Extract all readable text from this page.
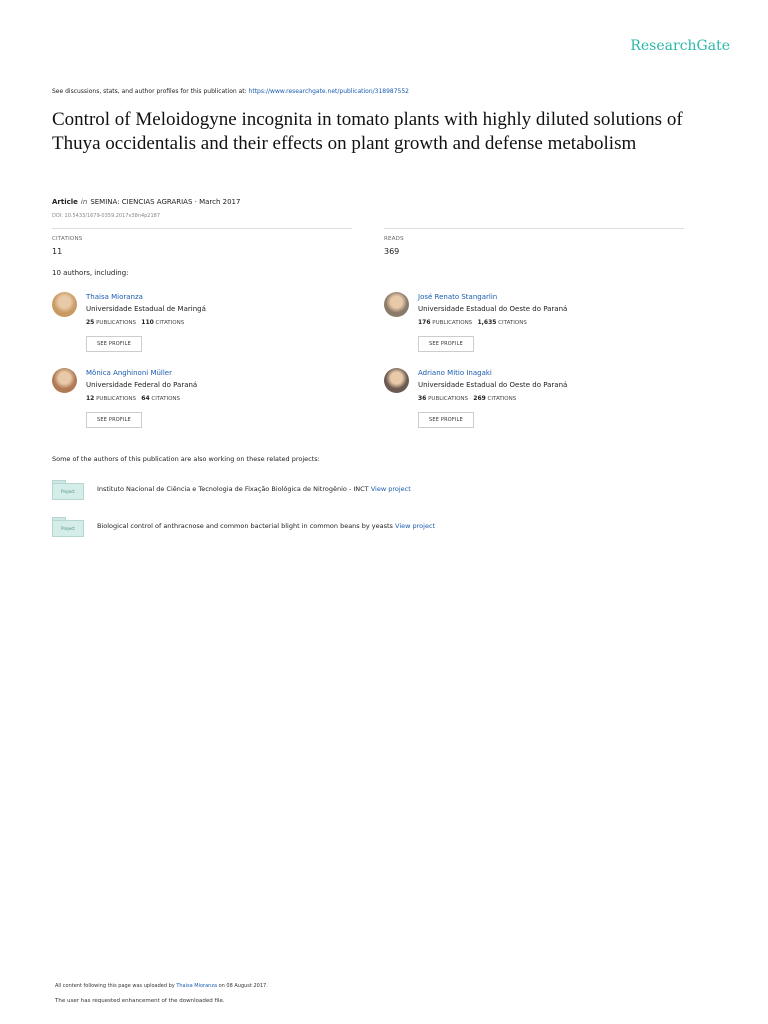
ResearchGate
See discussions, stats, and author profiles for this publication at: https://www.researchgate.net/publication/318987552
Control of Meloidogyne incognita in tomato plants with highly diluted solutions of Thuya occidentalis and their effects on plant growth and defense metabolism
Article in SEMINA: CIENCIAS AGRARIAS · March 2017
DOI: 10.5433/1679-0359.2017v38n4p2187
CITATIONS
11
READS
369
10 authors, including:
Thaisa Mioranza
Universidade Estadual de Maringá
25 PUBLICATIONS 110 CITATIONS
SEE PROFILE
José Renato Stangarlin
Universidade Estadual do Oeste do Paraná
176 PUBLICATIONS 1,635 CITATIONS
SEE PROFILE
Mônica Anghinoni Müller
Universidade Federal do Paraná
12 PUBLICATIONS 64 CITATIONS
SEE PROFILE
Adriano Mitio Inagaki
Universidade Estadual do Oeste do Paraná
36 PUBLICATIONS 269 CITATIONS
SEE PROFILE
Some of the authors of this publication are also working on these related projects:
Project	Instituto Nacional de Ciência e Tecnologia de Fixação Biológica de Nitrogênio - INCT View project
Project	Biological control of anthracnose and common bacterial blight in common beans by yeasts View project
All content following this page was uploaded by Thaisa Mioranza on 08 August 2017.
The user has requested enhancement of the downloaded file.
